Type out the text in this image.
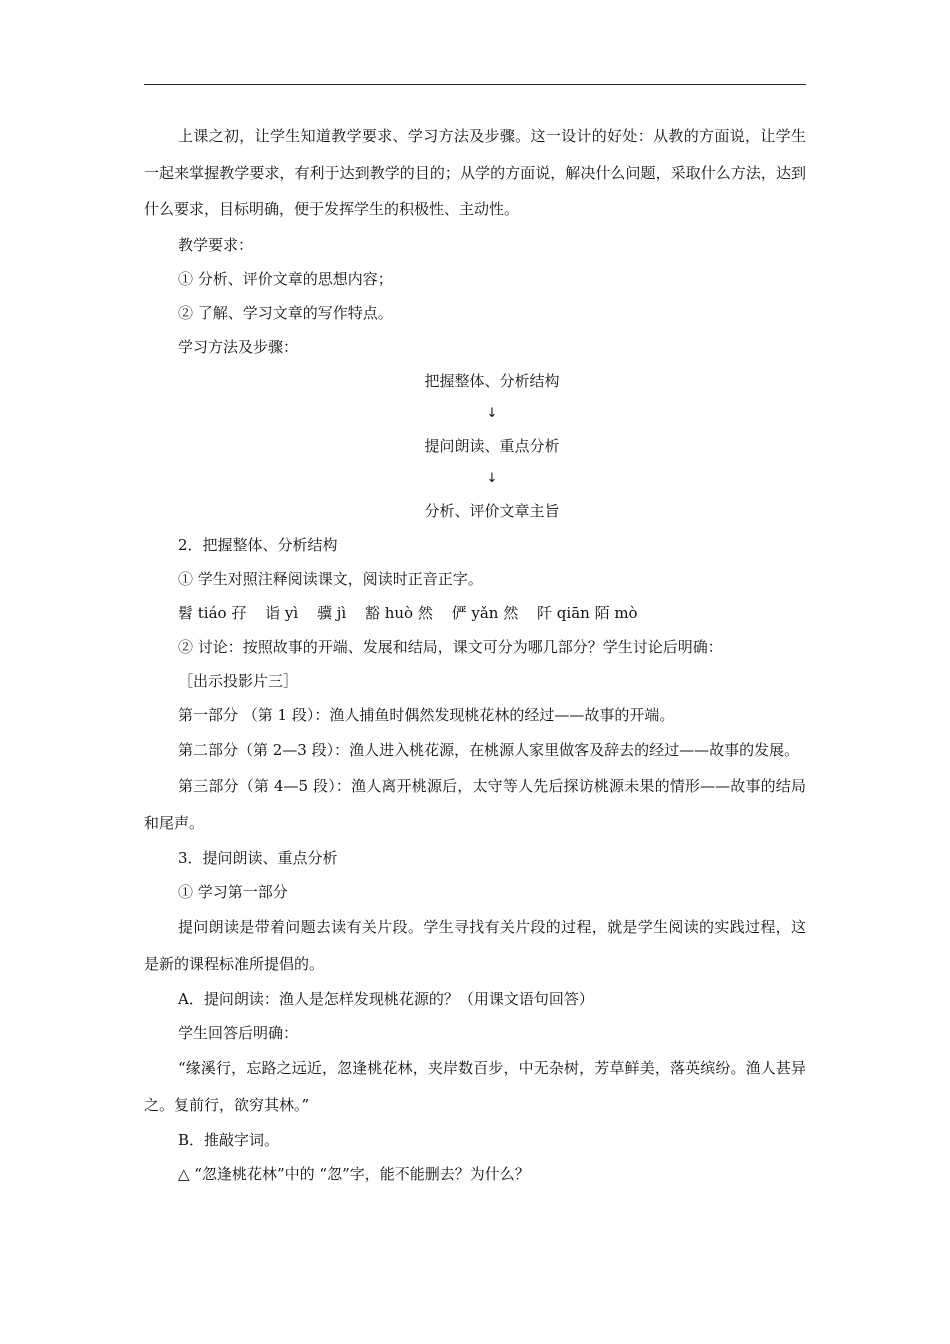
上课之初，让学生知道教学要求、学习方法及步骤。这一设计的好处：从教的方面说，让学生一起来掌握教学要求，有利于达到教学的目的；从学的方面说，解决什么问题，采取什么方法，达到什么要求，目标明确，便于发挥学生的积极性、主动性。

教学要求：

① 分析、评价文章的思想内容；

② 了解、学习文章的写作特点。

学习方法及步骤：

把握整体、分析结构

↓

提问朗读、重点分析

↓

分析、评价文章主旨

2．把握整体、分析结构

① 学生对照注释阅读课文，阅读时正音正字。

髫 tiáo 孖 诣 yì 骥 jì 豁 huò 然 俨 yǎn 然 阡 qiān 陌 mò

② 讨论：按照故事的开端、发展和结局，课文可分为哪几部分？学生讨论后明确：

［出示投影片三］

第一部分 （第 1 段）：渔人捕鱼时偶然发现桃花林的经过——故事的开端。

第二部分（第 2—3 段）：渔人进入桃花源，在桃源人家里做客及辞去的经过——故事的发展。

第三部分（第 4—5 段）：渔人离开桃源后，太守等人先后探访桃源未果的情形——故事的结局和尾声。

3．提问朗读、重点分析

① 学习第一部分

提问朗读是带着问题去读有关片段。学生寻找有关片段的过程，就是学生阅读的实践过程，这是新的课程标准所提倡的。

A．提问朗读：渔人是怎样发现桃花源的？（用课文语句回答）

学生回答后明确：

“缘溪行，忘路之远近，忽逢桃花林，夹岸数百步，中无杂树，芳草鲜美，落英缤纷。渔人甚异之。复前行，欲穷其林。”

B．推敲字词。

△ “忽逢桃花林”中的 “忽”字，能不能删去？为什么？
